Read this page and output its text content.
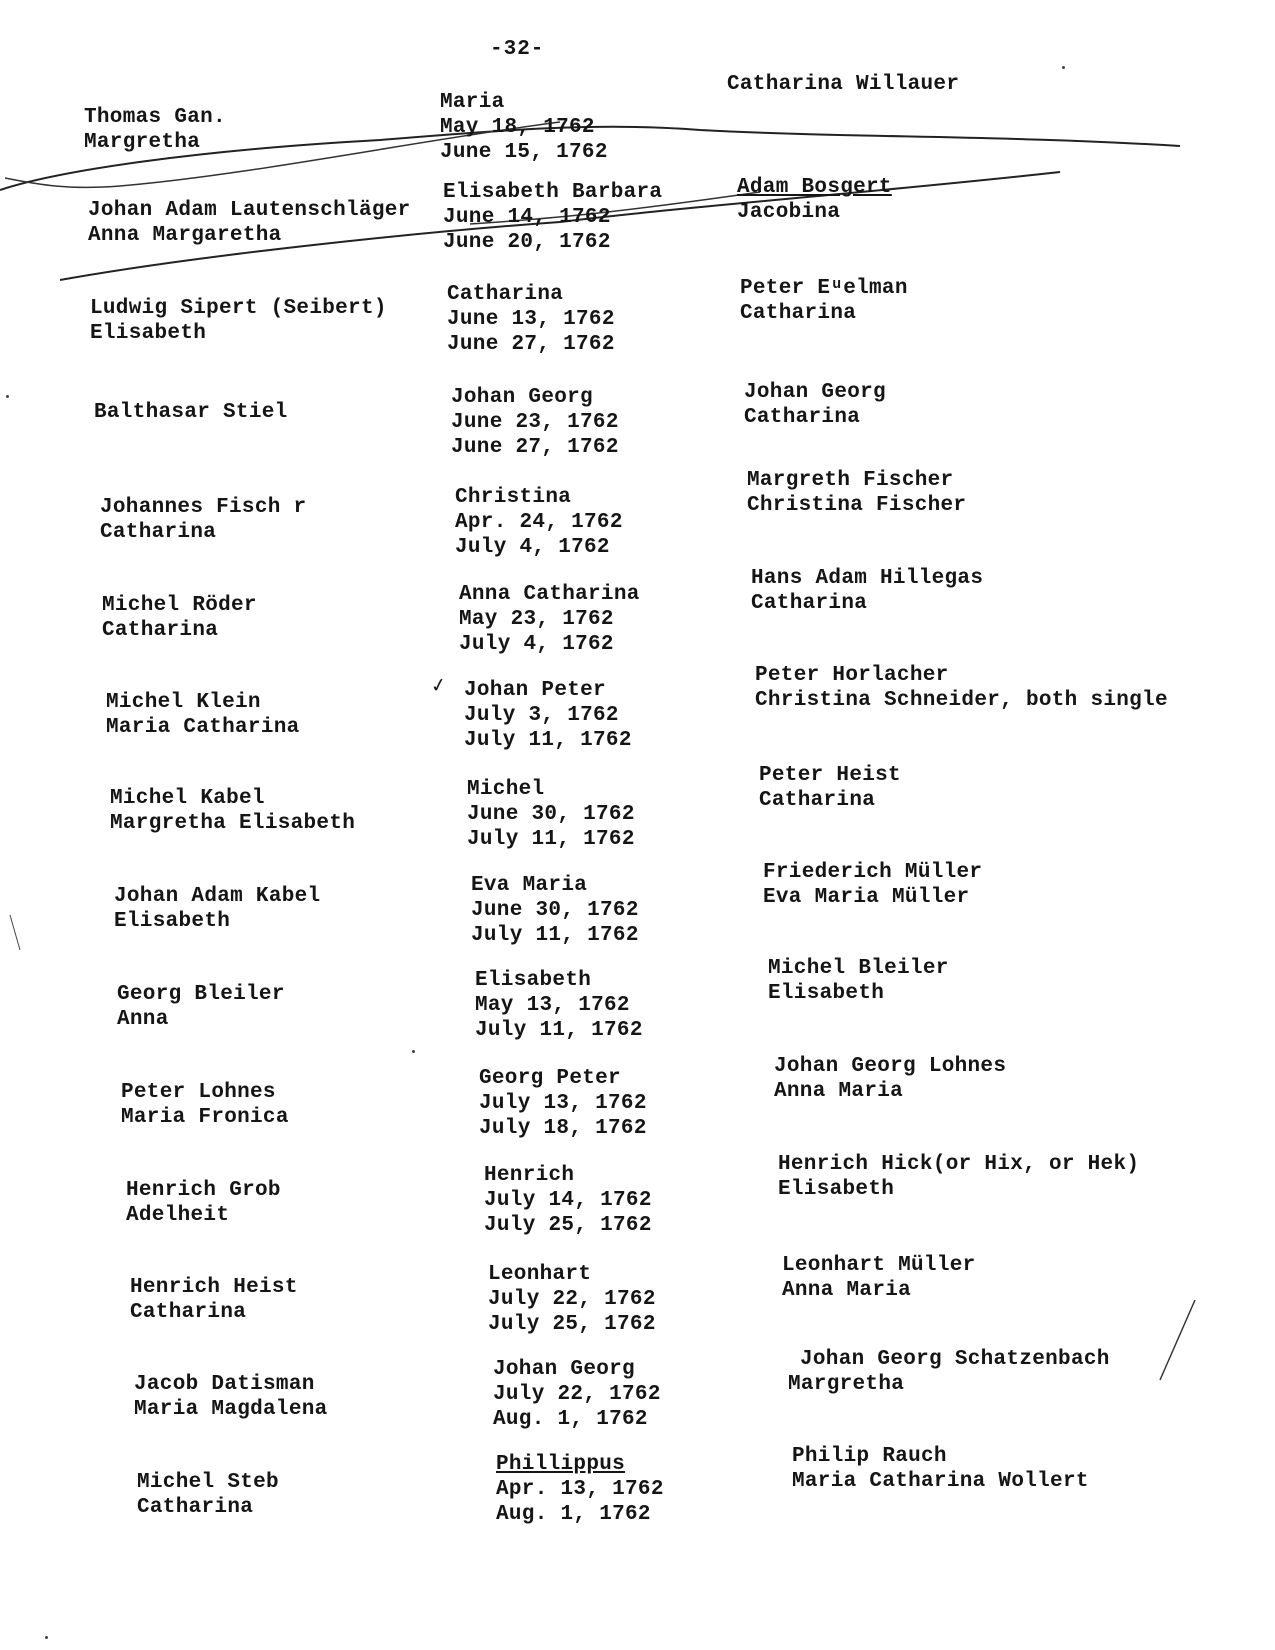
-32-
Thomas Gan.
Margretha
Maria
May 18, 1762
June 15, 1762
Catharina Willauer
Johan Adam Lautenschläger
Anna Margaretha
Elisabeth Barbara
June 14, 1762
June 20, 1762
Adam Bosgert
Jacobina
Ludwig Sipert (Seibert)
Elisabeth
Catharina
June 13, 1762
June 27, 1762
Peter Eᵘelman
Catharina
Balthasar Stiel
Johan Georg
June 23, 1762
June 27, 1762
Johan Georg
Catharina
Johannes Fisch r
Catharina
Christina
Apr. 24, 1762
July 4, 1762
Margreth Fischer
Christina Fischer
Michel Röder
Catharina
Anna Catharina
May 23, 1762
July 4, 1762
Hans Adam Hillegas
Catharina
Michel Klein
Maria Catharina
✓ Johan Peter
July 3, 1762
July 11, 1762
Peter Horlacher
Christina Schneider, both single
Michel Kabel
Margretha Elisabeth
Michel
June 30, 1762
July 11, 1762
Peter Heist
Catharina
Johan Adam Kabel
Elisabeth
Eva Maria
June 30, 1762
July 11, 1762
Friederich Müller
Eva Maria Müller
Georg Bleiler
Anna
Elisabeth
May 13, 1762
July 11, 1762
Michel Bleiler
Elisabeth
Peter Lohnes
Maria Fronica
Georg Peter
July 13, 1762
July 18, 1762
Johan Georg Lohnes
Anna Maria
Henrich Grob
Adelheit
Henrich
July 14, 1762
July 25, 1762
Henrich Hick(or Hix, or Hek)
Elisabeth
Henrich Heist
Catharina
Leonhart
July 22, 1762
July 25, 1762
Leonhart Müller
Anna Maria
Jacob Datisman
Maria Magdalena
Johan Georg
July 22, 1762
Aug. 1, 1762
Johan Georg Schatzenbach
Margretha
Michel Steb
Catharina
Phillippus
Apr. 13, 1762
Aug. 1, 1762
Philip Rauch
Maria Catharina Wollert
